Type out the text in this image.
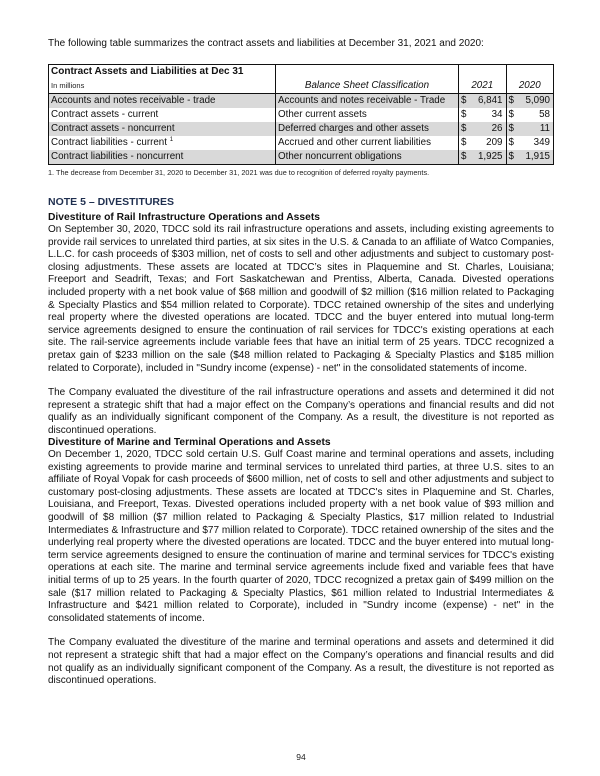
The following table summarizes the contract assets and liabilities at December 31, 2021 and 2020:
Contract Assets and Liabilities at Dec 31					
In millions	Balance Sheet Classification	2021		2020	
Accounts and notes receivable - trade	Accounts and notes receivable - Trade	$	6,841	$	5,090
Contract assets - current	Other current assets	$	34	$	58
Contract assets - noncurrent	Deferred charges and other assets	$	26	$	11
Contract liabilities - current $^1$	Accrued and other current liabilities	$	209	$	349
Contract liabilities - noncurrent	Other noncurrent obligations	$	1,925	$	1,915
1. The decrease from December 31, 2020 to December 31, 2021 was due to recognition of deferred royalty payments.
NOTE 5 – DIVESTITURES
Divestiture of Rail Infrastructure Operations and Assets

On September 30, 2020, TDCC sold its rail infrastructure operations and assets, including existing agreements to provide rail services to unrelated third parties, at six sites in the U.S. & Canada to an affiliate of Watco Companies, L.L.C. for cash proceeds of $303 million, net of costs to sell and other adjustments and subject to customary post-closing adjustments. These assets are located at TDCC’s sites in Plaquemine and St. Charles, Louisiana; Freeport and Seadrift, Texas; and Fort Saskatchewan and Prentiss, Alberta, Canada. Divested operations included property with a net book value of $68 million and goodwill of $2 million ($16 million related to Packaging & Specialty Plastics and $54 million related to Corporate). TDCC retained ownership of the sites and underlying real property where the divested operations are located. TDCC and the buyer entered into mutual long-term service agreements designed to ensure the continuation of rail services for TDCC's existing operations at each site. The rail-service agreements include variable fees that have an initial term of 25 years. TDCC recognized a pretax gain of $233 million on the sale ($48 million related to Packaging & Specialty Plastics and $185 million related to Corporate), included in "Sundry income (expense) - net" in the consolidated statements of income.

The Company evaluated the divestiture of the rail infrastructure operations and assets and determined it did not represent a strategic shift that had a major effect on the Company’s operations and financial results and did not qualify as an individually significant component of the Company. As a result, the divestiture is not reported as discontinued operations.

Divestiture of Marine and Terminal Operations and Assets

On December 1, 2020, TDCC sold certain U.S. Gulf Coast marine and terminal operations and assets, including existing agreements to provide marine and terminal services to unrelated third parties, at three U.S. sites to an affiliate of Royal Vopak for cash proceeds of $600 million, net of costs to sell and other adjustments and subject to customary post-closing adjustments. These assets are located at TDCC's sites in Plaquemine and St. Charles, Louisiana, and Freeport, Texas. Divested operations included property with a net book value of $93 million and goodwill of $8 million ($7 million related to Packaging & Specialty Plastics, $17 million related to Industrial Intermediates & Infrastructure and $77 million related to Corporate). TDCC retained ownership of the sites and the underlying real property where the divested operations are located. TDCC and the buyer entered into mutual long-term service agreements designed to ensure the continuation of marine and terminal services for TDCC's existing operations at each site. The marine and terminal service agreements include fixed and variable fees that have initial terms of up to 25 years. In the fourth quarter of 2020, TDCC recognized a pretax gain of $499 million on the sale ($17 million related to Packaging & Specialty Plastics, $61 million related to Industrial Intermediates & Infrastructure and $421 million related to Corporate), included in "Sundry income (expense) - net" in the consolidated statements of income.

The Company evaluated the divestiture of the marine and terminal operations and assets and determined it did not represent a strategic shift that had a major effect on the Company’s operations and financial results and did not qualify as an individually significant component of the Company. As a result, the divestiture is not reported as discontinued operations.

94
